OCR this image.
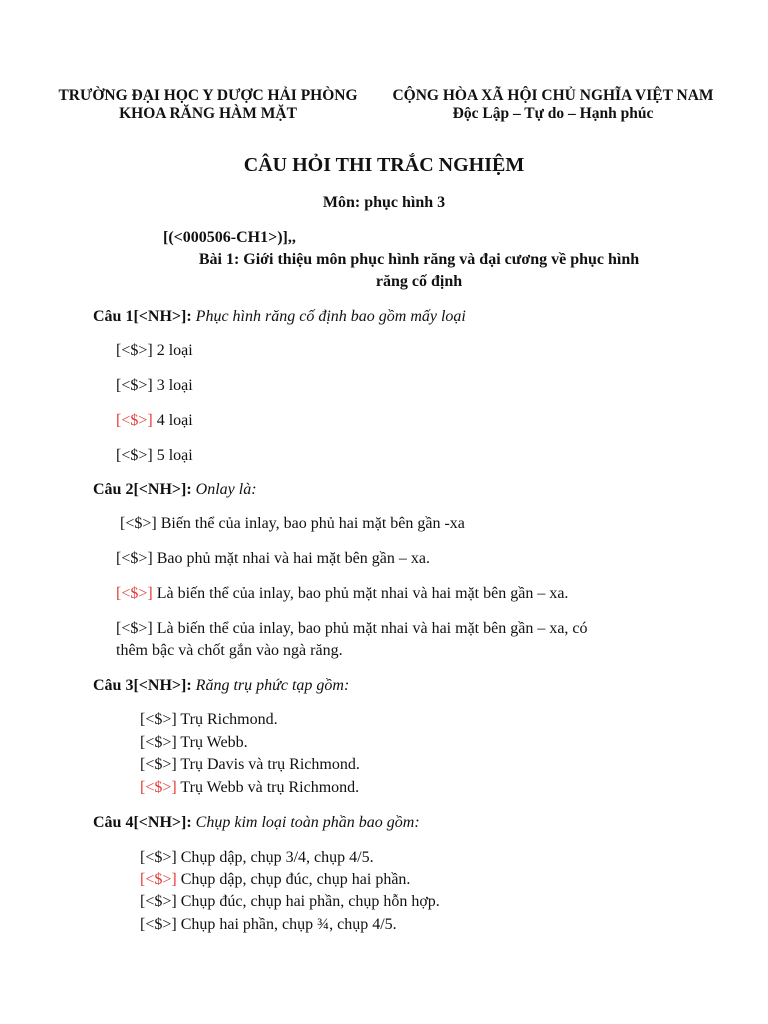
TRƯỜNG ĐẠI HỌC Y DƯỢC HẢI PHÒNG
KHOA RĂNG HÀM MẶT
CỘNG HÒA XÃ HỘI CHỦ NGHĨA VIỆT NAM
Độc Lập – Tự do – Hạnh phúc
CÂU HỎI THI TRẮC NGHIỆM
Môn: phục hình 3
[(<000506-CH1>)],,
Bài 1: Giới thiệu môn phục hình răng và đại cương về phục hình
răng cố định
Câu 1[<NH>]: Phục hình răng cố định bao gồm mấy loại
[<$>] 2 loại
[<$>] 3 loại
[<$>] 4 loại
[<$>] 5 loại
Câu 2[<NH>]: Onlay là:
[<$>] Biến thể của inlay, bao phủ hai mặt bên gần -xa
[<$>] Bao phủ mặt nhai và hai mặt bên gần – xa.
[<$>] Là biến thể của inlay, bao phủ mặt nhai và hai mặt bên gần – xa.
[<$>] Là biến thể của inlay, bao phủ mặt nhai và hai mặt bên gần – xa, có
thêm bậc và chốt gắn vào ngà răng.
Câu 3[<NH>]: Răng trụ phức tạp gồm:
[<$>] Trụ Richmond.
[<$>] Trụ Webb.
[<$>] Trụ Davis và trụ Richmond.
[<$>] Trụ Webb và trụ Richmond.
Câu 4[<NH>]: Chụp kim loại toàn phần bao gồm:
[<$>] Chụp dập, chụp 3/4, chụp 4/5.
[<$>] Chụp dập, chụp đúc, chụp hai phần.
[<$>] Chụp đúc, chụp hai phần, chụp hỗn hợp.
[<$>] Chụp hai phần, chụp ¾, chụp 4/5.
